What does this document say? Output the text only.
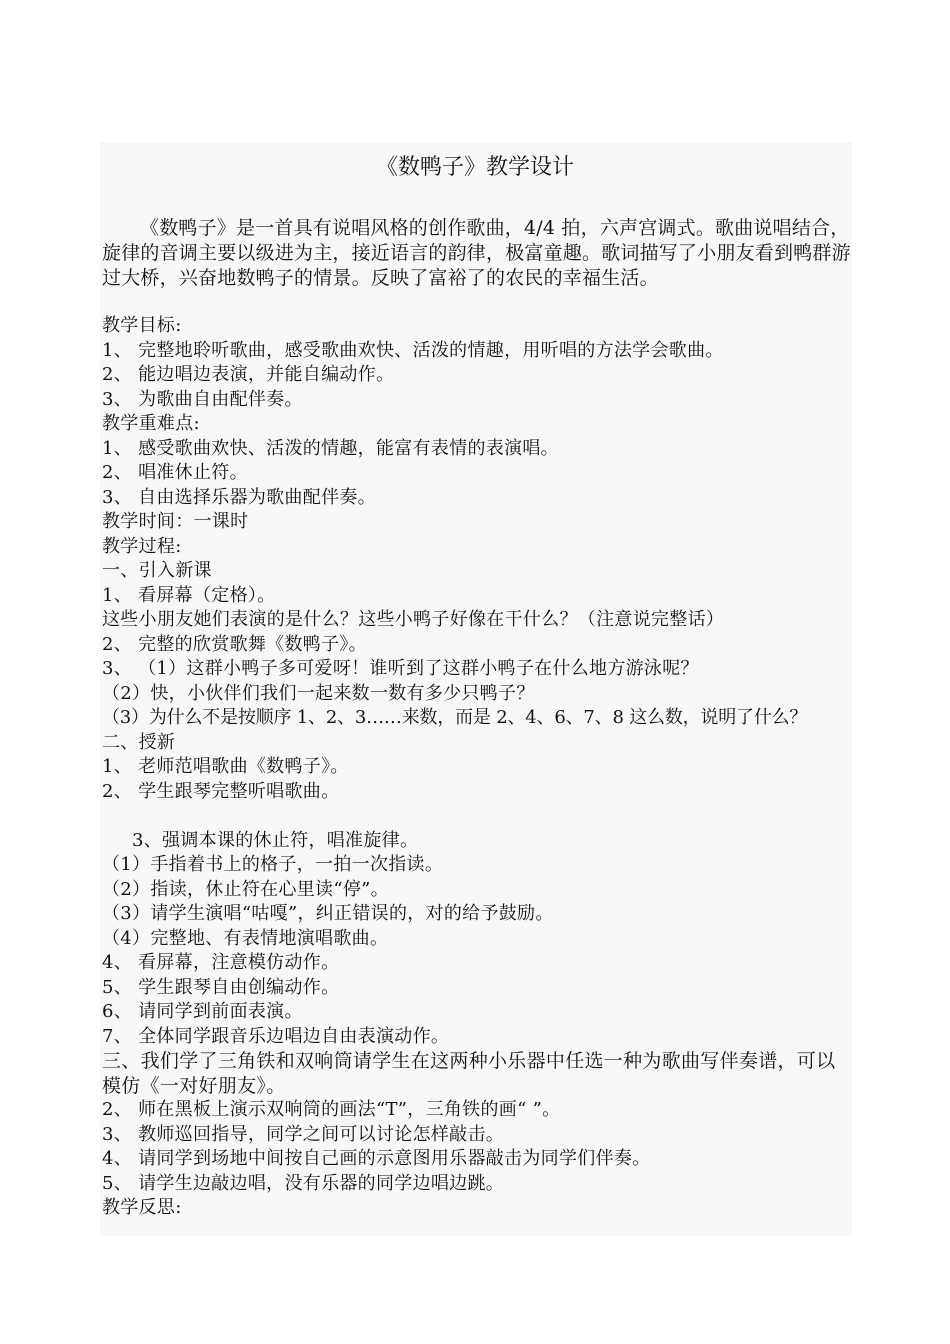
《数鸭子》教学设计
《数鸭子》是一首具有说唱风格的创作歌曲，4/4 拍，六声宫调式。歌曲说唱结合，旋律的音调主要以级进为主，接近语言的韵律，极富童趣。歌词描写了小朋友看到鸭群游过大桥，兴奋地数鸭子的情景。反映了富裕了的农民的幸福生活。
教学目标:
1、 完整地聆听歌曲，感受歌曲欢快、活泼的情趣，用听唱的方法学会歌曲。
2、 能边唱边表演，并能自编动作。
3、 为歌曲自由配伴奏。
教学重难点:
1、 感受歌曲欢快、活泼的情趣，能富有表情的表演唱。
2、 唱准休止符。
3、 自由选择乐器为歌曲配伴奏。
教学时间：一课时
教学过程:
一、引入新课
1、 看屏幕（定格）。
这些小朋友她们表演的是什么？这些小鸭子好像在干什么？（注意说完整话）
2、 完整的欣赏歌舞《数鸭子》。
3、 （1）这群小鸭子多可爱呀！谁听到了这群小鸭子在什么地方游泳呢？
（2）快，小伙伴们我们一起来数一数有多少只鸭子？
（3）为什么不是按顺序 1、2、3……来数，而是 2、4、6、7、8 这么数，说明了什么？
二、授新
1、 老师范唱歌曲《数鸭子》。
2、 学生跟琴完整听唱歌曲。
3、强调本课的休止符，唱准旋律。
（1）手指着书上的格子，一拍一次指读。
（2）指读，休止符在心里读“停”。
（3）请学生演唱“咕嘎”，纠正错误的，对的给予鼓励。
（4）完整地、有表情地演唱歌曲。
4、 看屏幕，注意模仿动作。
5、 学生跟琴自由创编动作。
6、 请同学到前面表演。
7、 全体同学跟音乐边唱边自由表演动作。
三、我们学了三角铁和双响筒请学生在这两种小乐器中任选一种为歌曲写伴奏谱，可以模仿《一对好朋友》。
2、 师在黑板上演示双响筒的画法“T”，三角铁的画“ ”。
3、 教师巡回指导，同学之间可以讨论怎样敲击。
4、 请同学到场地中间按自己画的示意图用乐器敲击为同学们伴奏。
5、 请学生边敲边唱，没有乐器的同学边唱边跳。
教学反思:
